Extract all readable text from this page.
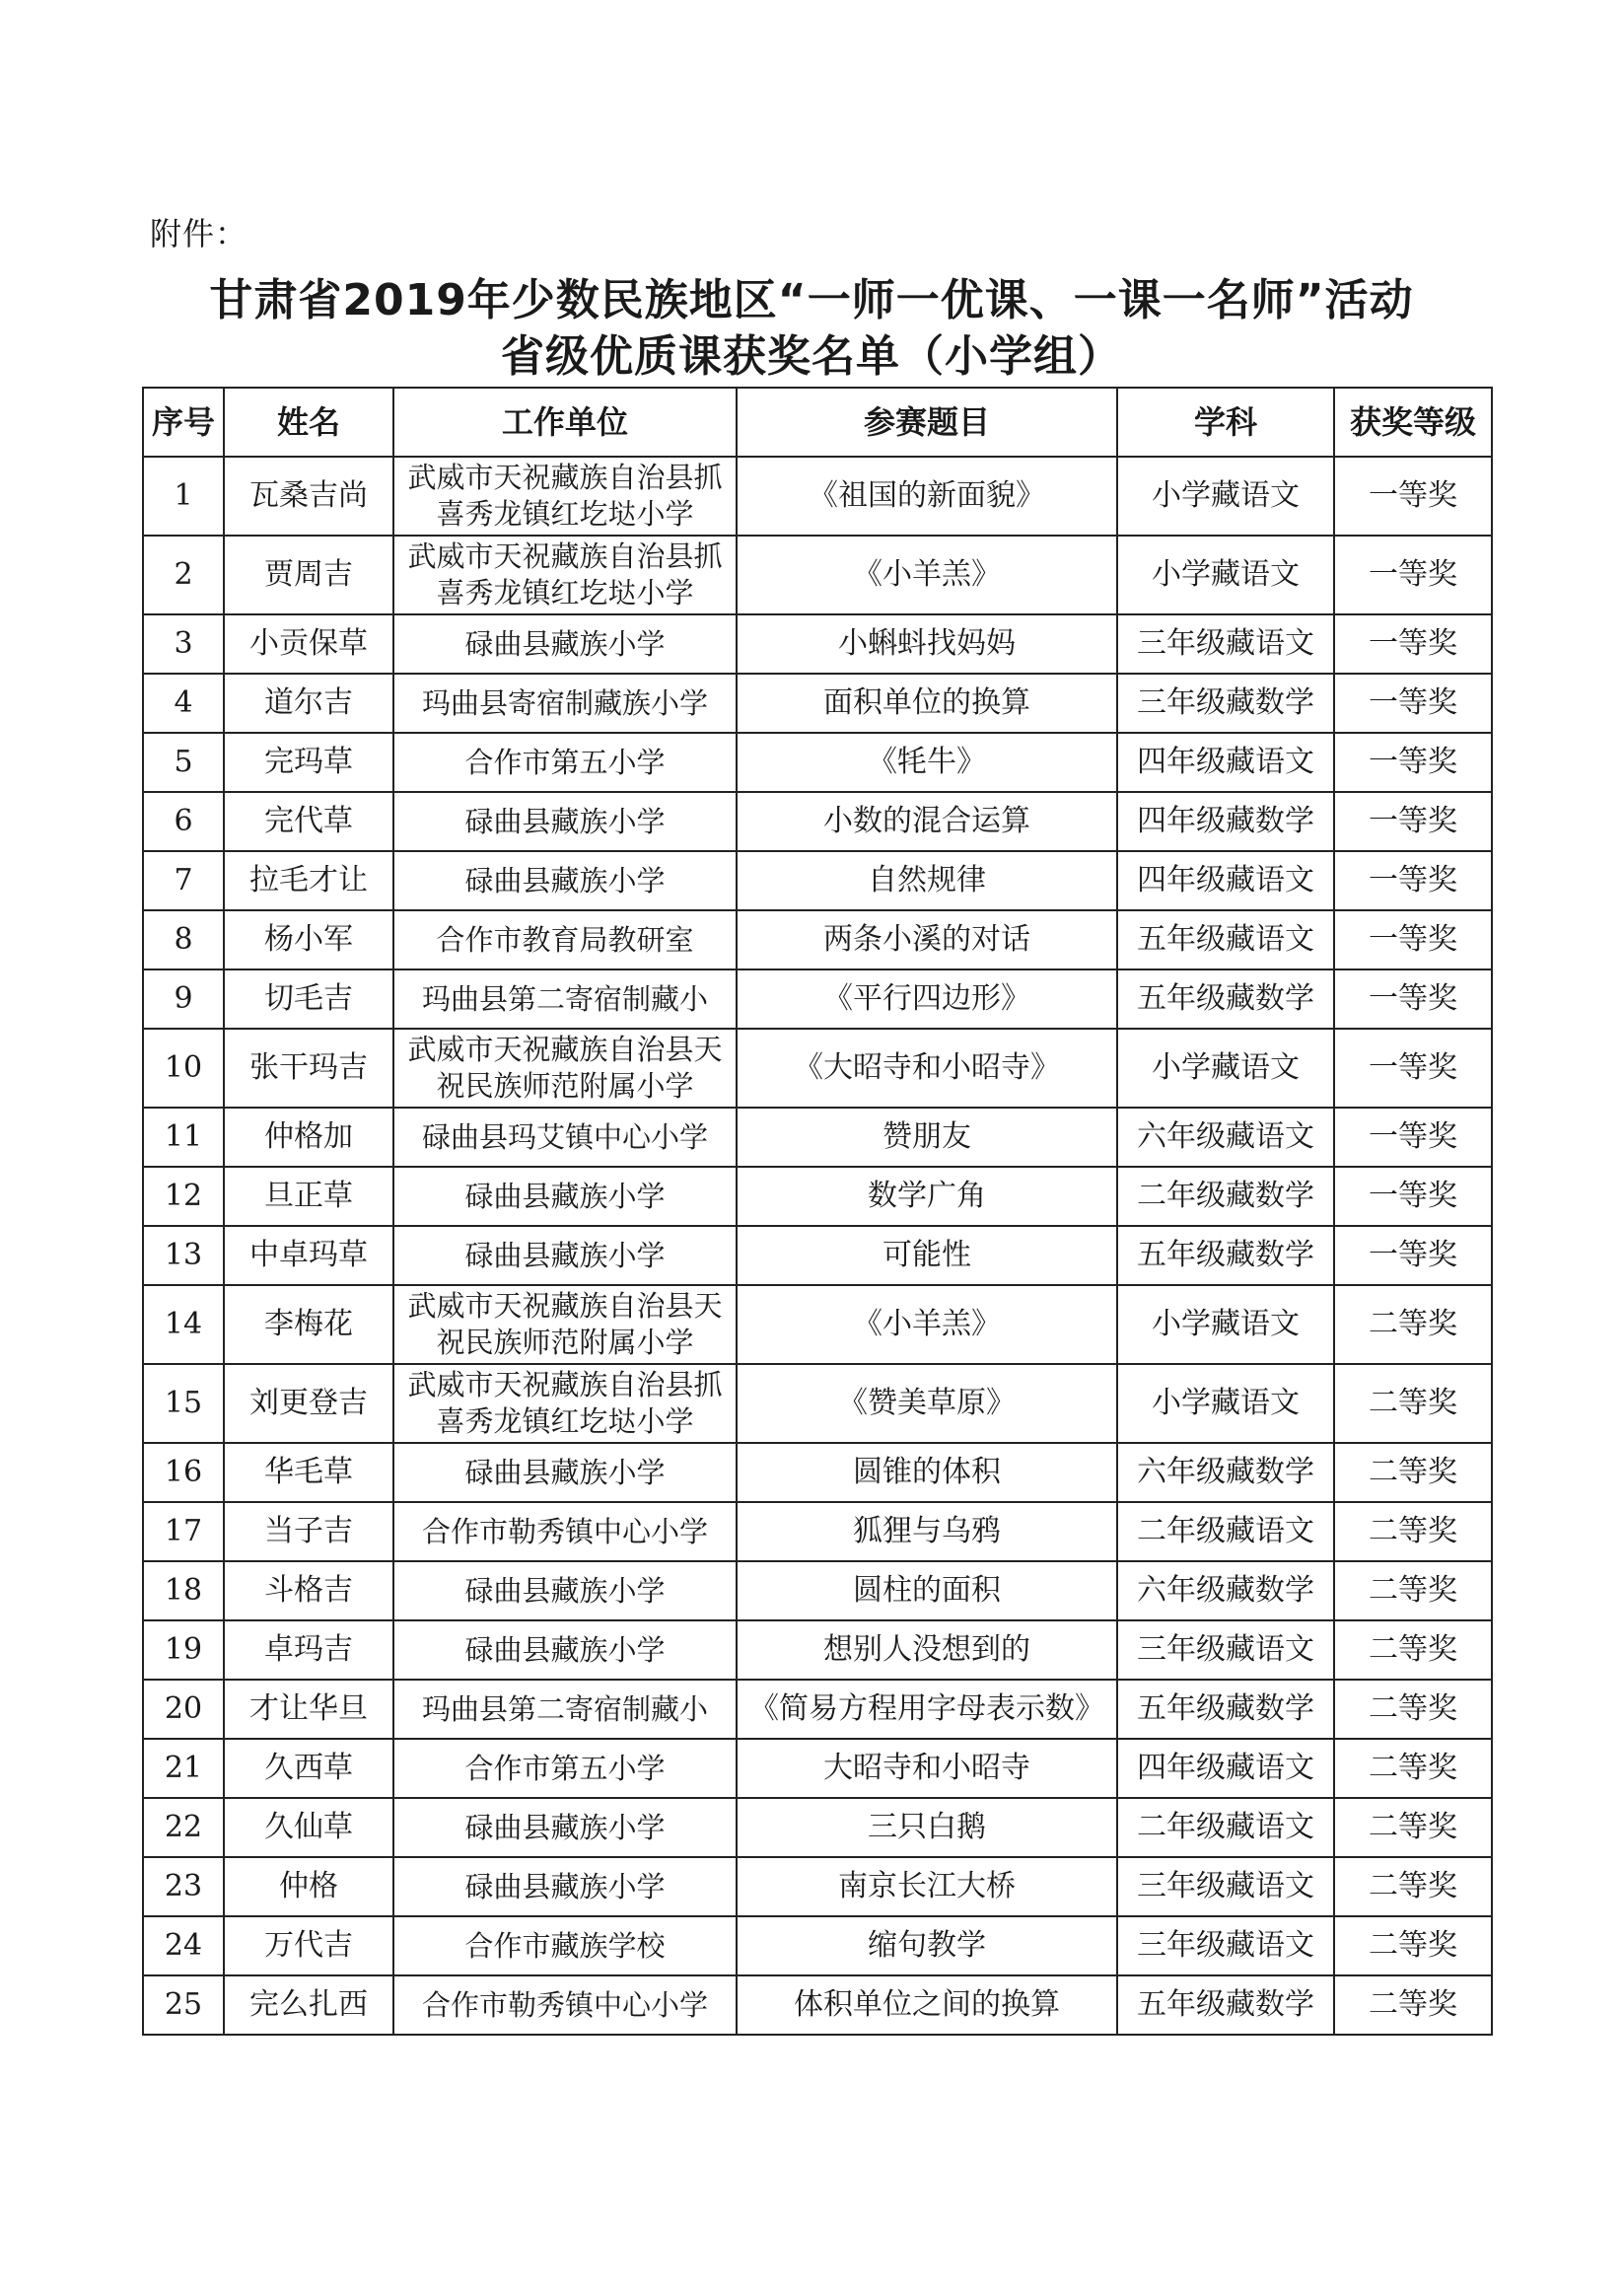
附件：
甘肃省2019年少数民族地区“一师一优课、一课一名师”活动
省级优质课获奖名单（小学组）
序号	姓名	工作单位	参赛题目	学科	获奖等级
1	瓦桑吉尚	武威市天祝藏族自治县抓喜秀龙镇红圪垯小学	《祖国的新面貌》	小学藏语文	一等奖
2	贾周吉	武威市天祝藏族自治县抓喜秀龙镇红圪垯小学	《小羊羔》	小学藏语文	一等奖
3	小贡保草	碌曲县藏族小学	小蝌蚪找妈妈	三年级藏语文	一等奖
4	道尔吉	玛曲县寄宿制藏族小学	面积单位的换算	三年级藏数学	一等奖
5	完玛草	合作市第五小学	《牦牛》	四年级藏语文	一等奖
6	完代草	碌曲县藏族小学	小数的混合运算	四年级藏数学	一等奖
7	拉毛才让	碌曲县藏族小学	自然规律	四年级藏语文	一等奖
8	杨小军	合作市教育局教研室	两条小溪的对话	五年级藏语文	一等奖
9	切毛吉	玛曲县第二寄宿制藏小	《平行四边形》	五年级藏数学	一等奖
10	张干玛吉	武威市天祝藏族自治县天祝民族师范附属小学	《大昭寺和小昭寺》	小学藏语文	一等奖
11	仲格加	碌曲县玛艾镇中心小学	赞朋友	六年级藏语文	一等奖
12	旦正草	碌曲县藏族小学	数学广角	二年级藏数学	一等奖
13	中卓玛草	碌曲县藏族小学	可能性	五年级藏数学	一等奖
14	李梅花	武威市天祝藏族自治县天祝民族师范附属小学	《小羊羔》	小学藏语文	二等奖
15	刘更登吉	武威市天祝藏族自治县抓喜秀龙镇红圪垯小学	《赞美草原》	小学藏语文	二等奖
16	华毛草	碌曲县藏族小学	圆锥的体积	六年级藏数学	二等奖
17	当子吉	合作市勒秀镇中心小学	狐狸与乌鸦	二年级藏语文	二等奖
18	斗格吉	碌曲县藏族小学	圆柱的面积	六年级藏数学	二等奖
19	卓玛吉	碌曲县藏族小学	想别人没想到的	三年级藏语文	二等奖
20	才让华旦	玛曲县第二寄宿制藏小	《简易方程用字母表示数》	五年级藏数学	二等奖
21	久西草	合作市第五小学	大昭寺和小昭寺	四年级藏语文	二等奖
22	久仙草	碌曲县藏族小学	三只白鹅	二年级藏语文	二等奖
23	仲格	碌曲县藏族小学	南京长江大桥	三年级藏语文	二等奖
24	万代吉	合作市藏族学校	缩句教学	三年级藏语文	二等奖
25	完么扎西	合作市勒秀镇中心小学	体积单位之间的换算	五年级藏数学	二等奖
